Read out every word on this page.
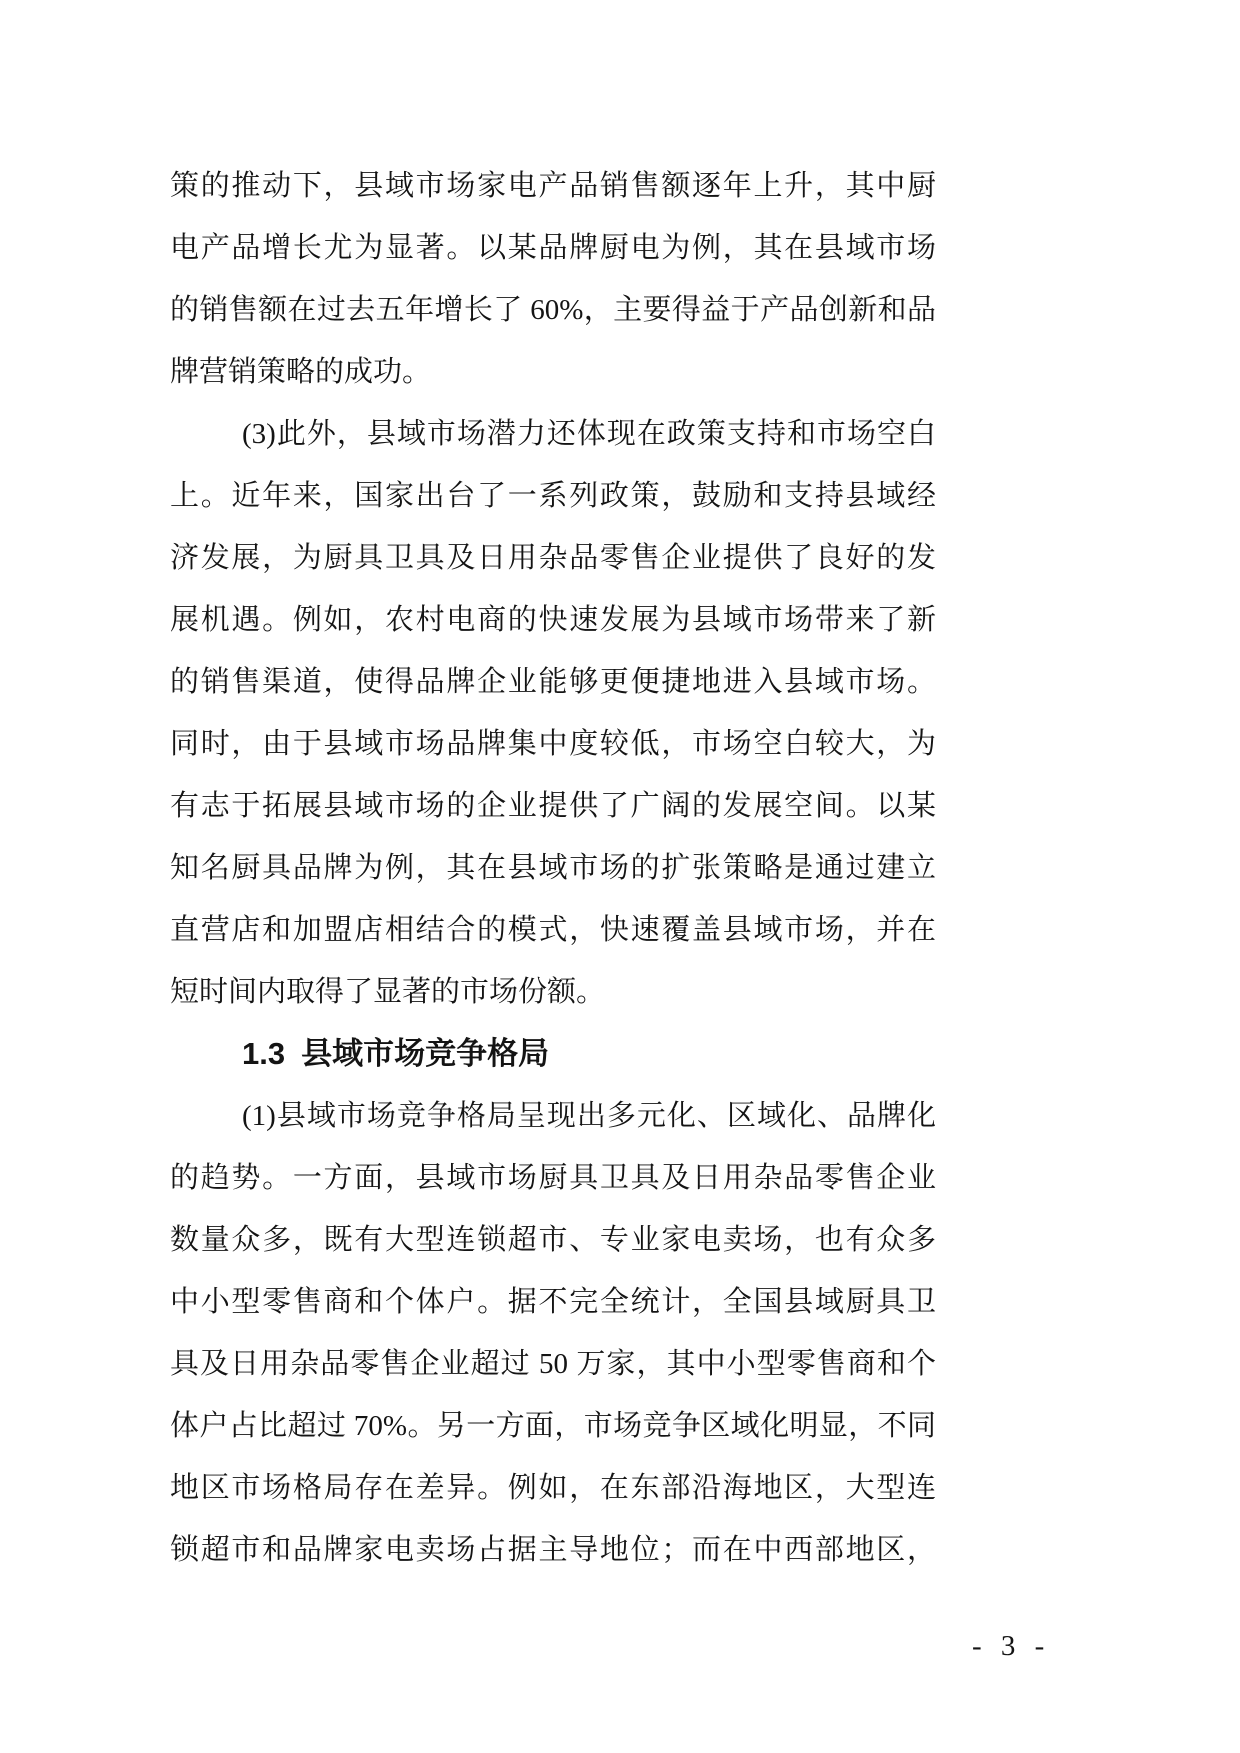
策的推动下，县域市场家电产品销售额逐年上升，其中厨
电产品增长尤为显著。以某品牌厨电为例，其在县域市场
的销售额在过去五年增长了 60%，主要得益于产品创新和品
牌营销策略的成功。
(3)此外，县域市场潜力还体现在政策支持和市场空白
上。近年来，国家出台了一系列政策，鼓励和支持县域经
济发展，为厨具卫具及日用杂品零售企业提供了良好的发
展机遇。例如，农村电商的快速发展为县域市场带来了新
的销售渠道，使得品牌企业能够更便捷地进入县域市场。
同时，由于县域市场品牌集中度较低，市场空白较大，为
有志于拓展县域市场的企业提供了广阔的发展空间。以某
知名厨具品牌为例，其在县域市场的扩张策略是通过建立
直营店和加盟店相结合的模式，快速覆盖县域市场，并在
短时间内取得了显著的市场份额。
1.3 县域市场竞争格局
(1)县域市场竞争格局呈现出多元化、区域化、品牌化
的趋势。一方面，县域市场厨具卫具及日用杂品零售企业
数量众多，既有大型连锁超市、专业家电卖场，也有众多
中小型零售商和个体户。据不完全统计，全国县域厨具卫
具及日用杂品零售企业超过 50 万家，其中小型零售商和个
体户占比超过 70%。另一方面，市场竞争区域化明显，不同
地区市场格局存在差异。例如，在东部沿海地区，大型连
锁超市和品牌家电卖场占据主导地位；而在中西部地区，
- 3 -
